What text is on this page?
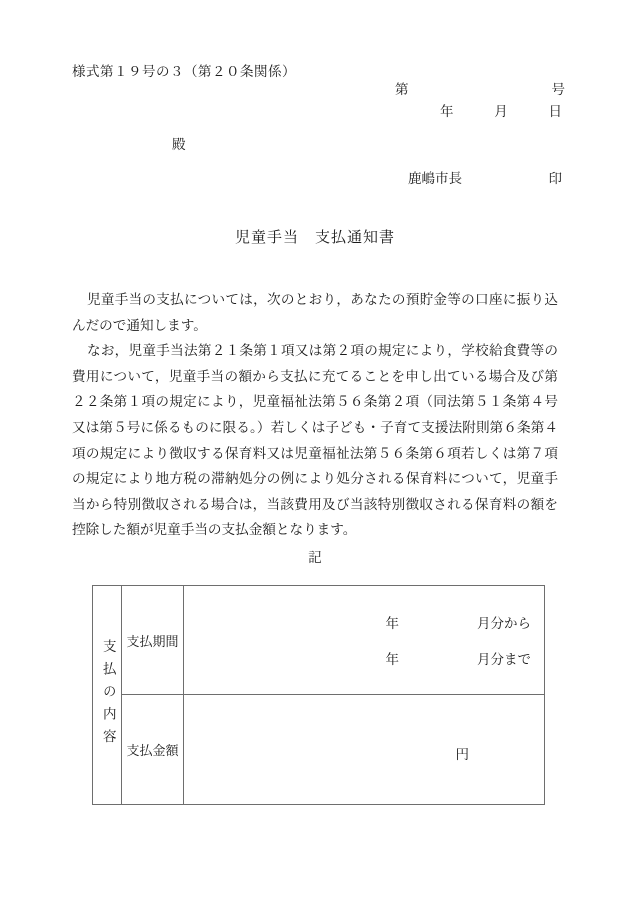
様式第１９号の３（第２０条関係）
第	号
年	月	日
殿
鹿嶋市長	印
児童手当　支払通知書

児童手当の支払については，次のとおり，あなたの預貯金等の口座に振り込んだので通知します。

なお，児童手当法第２１条第１項又は第２項の規定により，学校給食費等の費用について，児童手当の額から支払に充てることを申し出ている場合及び第２２条第１項の規定により，児童福祉法第５６条第２項（同法第５１条第４号又は第５号に係るものに限る。）若しくは子ども・子育て支援法附則第６条第４項の規定により徴収する保育料又は児童福祉法第５６条第６項若しくは第７項の規定により地方税の滞納処分の例により処分される保育料について，児童手当から特別徴収される場合は，当該費用及び当該特別徴収される保育料の額を控除した額が児童手当の支払金額となります。

記
支払の内容 支払期間
年	月分から
年	月分まで
支払金額	円
